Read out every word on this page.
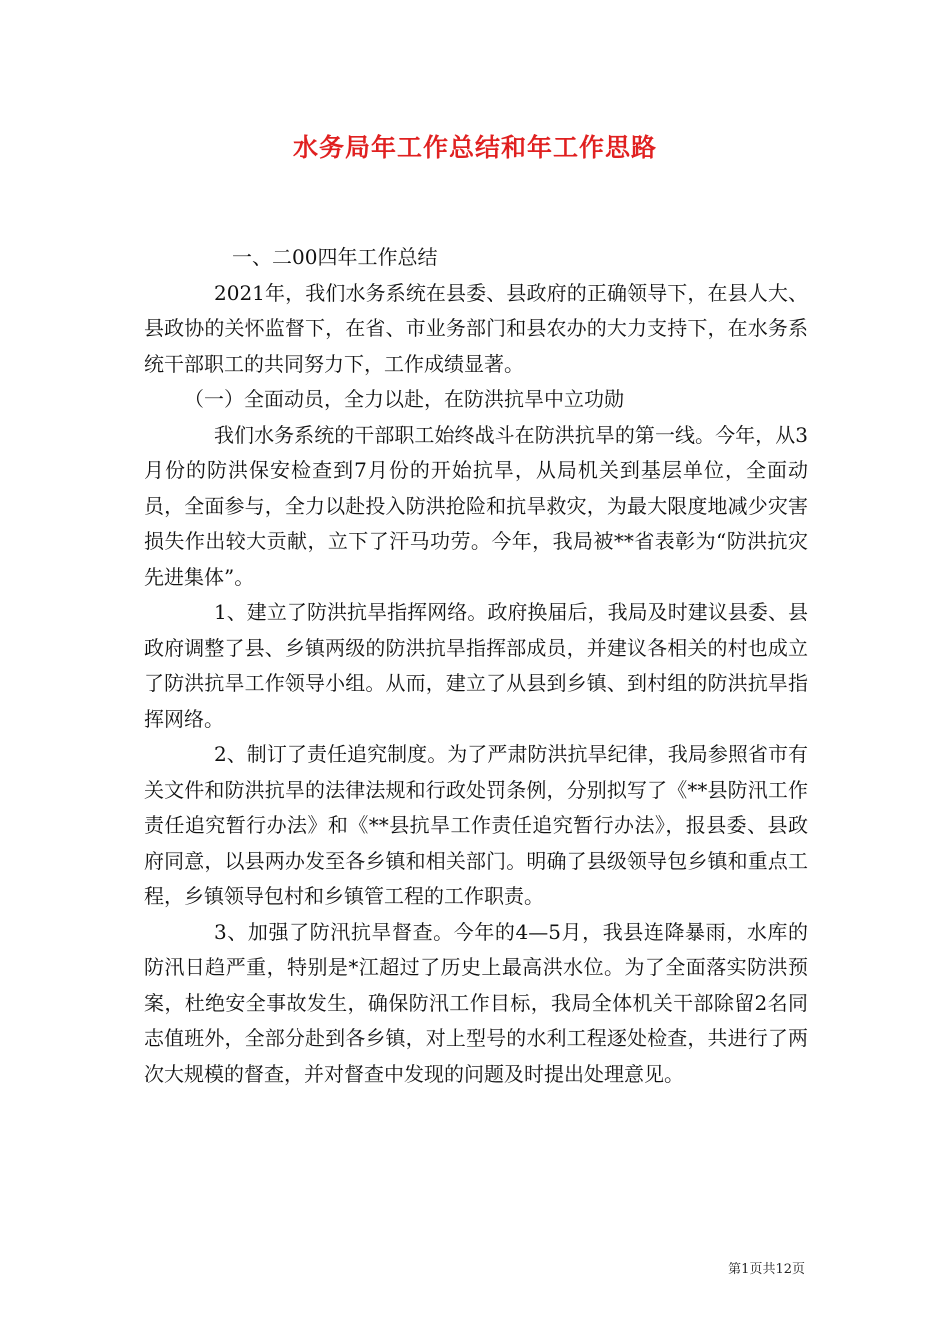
水务局年工作总结和年工作思路

一、二00四年工作总结

2021年，我们水务系统在县委、县政府的正确领导下，在县人大、县政协的关怀监督下，在省、市业务部门和县农办的大力支持下，在水务系统干部职工的共同努力下，工作成绩显著。

（一）全面动员，全力以赴，在防洪抗旱中立功勋

我们水务系统的干部职工始终战斗在防洪抗旱的第一线。今年，从3月份的防洪保安检查到7月份的开始抗旱，从局机关到基层单位，全面动员，全面参与，全力以赴投入防洪抢险和抗旱救灾，为最大限度地减少灾害损失作出较大贡献，立下了汗马功劳。今年，我局被**省表彰为“防洪抗灾先进集体”。

1、建立了防洪抗旱指挥网络。政府换届后，我局及时建议县委、县政府调整了县、乡镇两级的防洪抗旱指挥部成员，并建议各相关的村也成立了防洪抗旱工作领导小组。从而，建立了从县到乡镇、到村组的防洪抗旱指挥网络。

2、制订了责任追究制度。为了严肃防洪抗旱纪律，我局参照省市有关文件和防洪抗旱的法律法规和行政处罚条例，分别拟写了《**县防汛工作责任追究暂行办法》和《**县抗旱工作责任追究暂行办法》，报县委、县政府同意，以县两办发至各乡镇和相关部门。明确了县级领导包乡镇和重点工程，乡镇领导包村和乡镇管工程的工作职责。

3、加强了防汛抗旱督查。今年的4—5月，我县连降暴雨，水库的防汛日趋严重，特别是*江超过了历史上最高洪水位。为了全面落实防洪预案，杜绝安全事故发生，确保防汛工作目标，我局全体机关干部除留2名同志值班外，全部分赴到各乡镇，对上型号的水利工程逐处检查，共进行了两次大规模的督查，并对督查中发现的问题及时提出处理意见。

第1页共12页
